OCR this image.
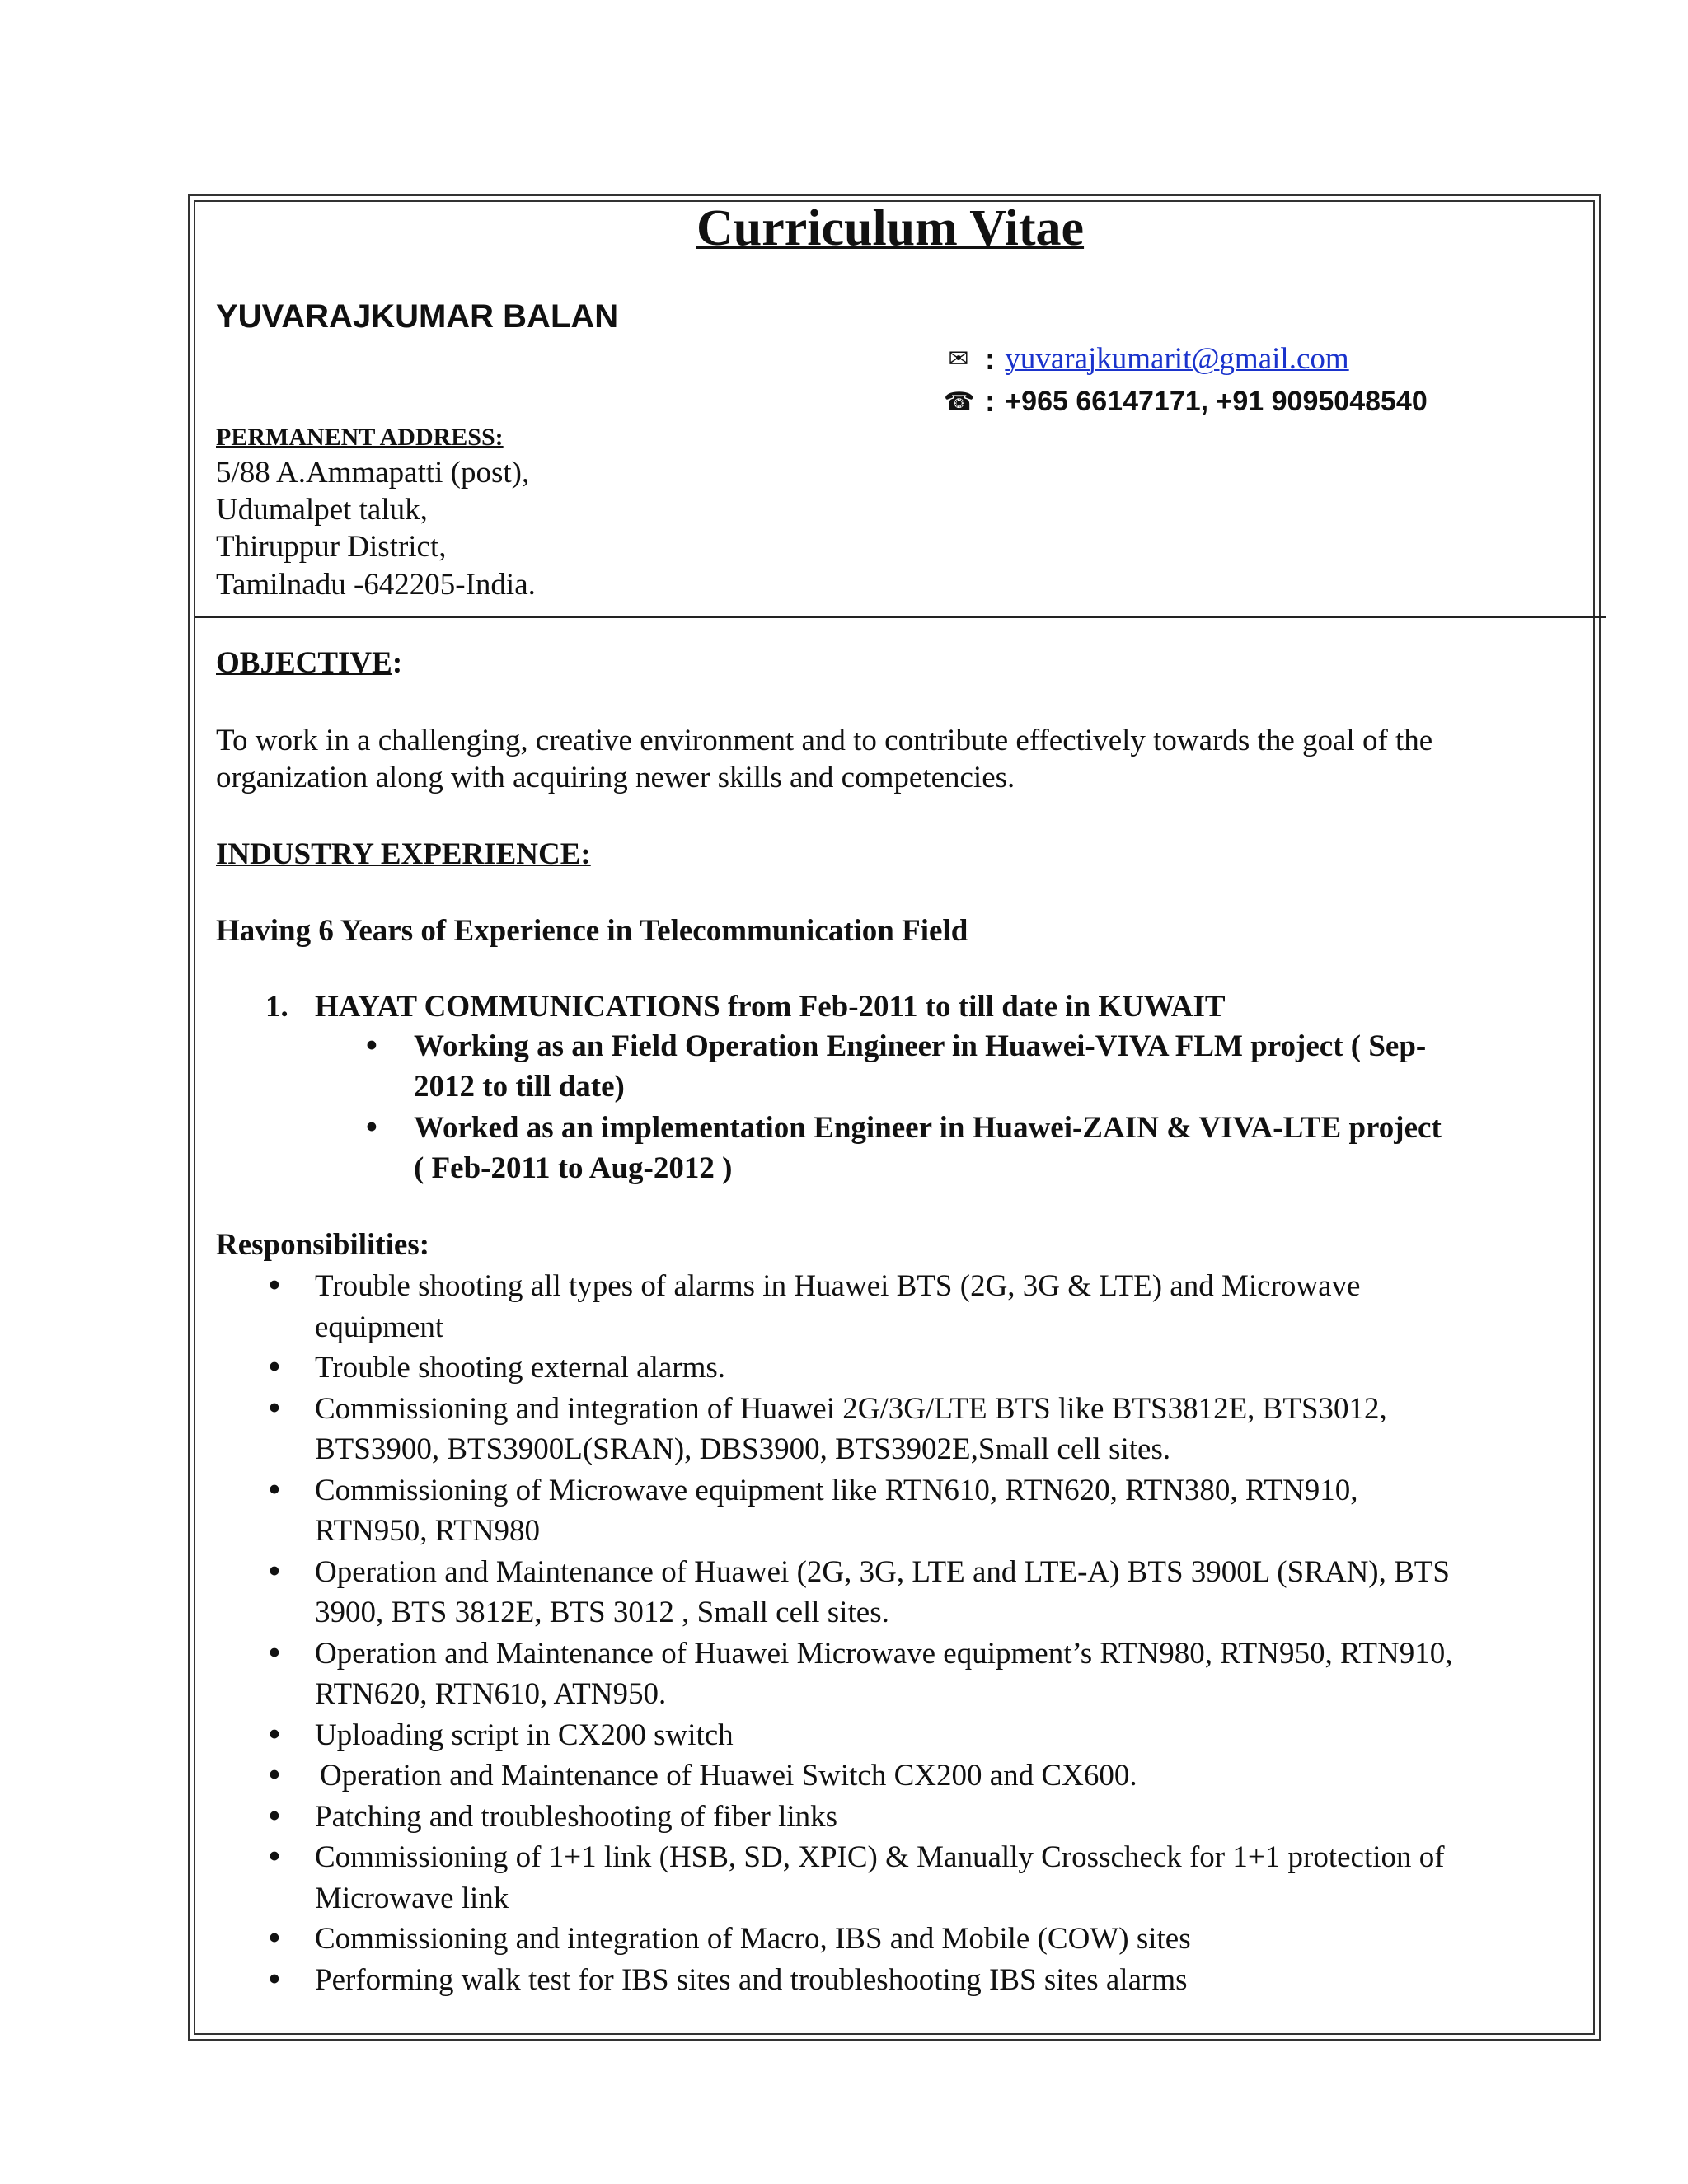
Curriculum Vitae
YUVARAJKUMAR BALAN
✉ : yuvarajkumarit@gmail.com
☎ : +965 66147171, +91 9095048540
PERMANENT ADDRESS:
5/88 A.Ammapatti (post),
Udumalpet taluk,
Thiruppur District,
Tamilnadu -642205-India.
OBJECTIVE:
To work in a challenging, creative environment and to contribute effectively towards the goal of the
organization along with acquiring newer skills and competencies.
INDUSTRY EXPERIENCE:
Having 6 Years of Experience in Telecommunication Field
1. HAYAT COMMUNICATIONS from Feb-2011 to till date in KUWAIT
• Working as an Field Operation Engineer in Huawei-VIVA FLM project ( Sep-
2012 to till date)
• Worked as an implementation Engineer in Huawei-ZAIN & VIVA-LTE project
( Feb-2011 to Aug-2012 )
Responsibilities:
• Trouble shooting all types of alarms in Huawei BTS (2G, 3G & LTE) and Microwave
equipment
• Trouble shooting external alarms.
• Commissioning and integration of Huawei 2G/3G/LTE BTS like BTS3812E, BTS3012,
BTS3900, BTS3900L(SRAN), DBS3900, BTS3902E,Small cell sites.
• Commissioning of Microwave equipment like RTN610, RTN620, RTN380, RTN910,
RTN950, RTN980
• Operation and Maintenance of Huawei (2G, 3G, LTE and LTE-A) BTS 3900L (SRAN), BTS
3900, BTS 3812E, BTS 3012 , Small cell sites.
• Operation and Maintenance of Huawei Microwave equipment’s RTN980, RTN950, RTN910,
RTN620, RTN610, ATN950.
• Uploading script in CX200 switch
• Operation and Maintenance of Huawei Switch CX200 and CX600.
• Patching and troubleshooting of fiber links
• Commissioning of 1+1 link (HSB, SD, XPIC) & Manually Crosscheck for 1+1 protection of
Microwave link
• Commissioning and integration of Macro, IBS and Mobile (COW) sites
• Performing walk test for IBS sites and troubleshooting IBS sites alarms
